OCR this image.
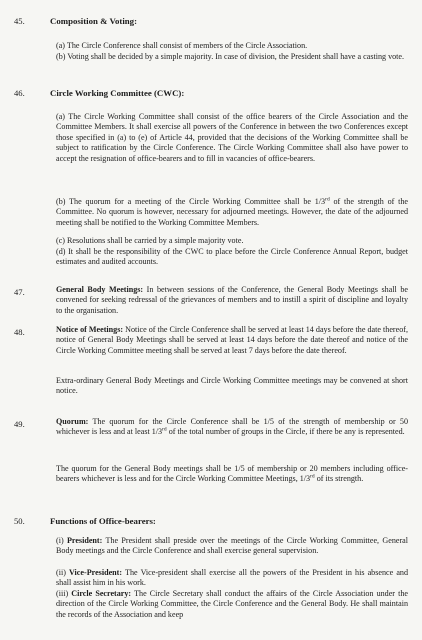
45.	Composition & Voting:
(a) The Circle Conference shall consist of members of the Circle Association.
(b) Voting shall be decided by a simple majority. In case of division, the President shall have a casting vote.
46.	Circle Working Committee (CWC):
(a) The Circle Working Committee shall consist of the office bearers of the Circle Association and the Committee Members. It shall exercise all powers of the Conference in between the two Conferences except those specified in (a) to (e) of Article 44, provided that the decisions of the Working Committee shall be subject to ratification by the Circle Conference. The Circle Working Committee shall also have power to accept the resignation of office-bearers and to fill in vacancies of office-bearers.
(b) The quorum for a meeting of the Circle Working Committee shall be 1/3rd of the strength of the Committee. No quorum is however, necessary for adjourned meetings. However, the date of the adjourned meeting shall be notified to the Working Committee Members.
(c) Resolutions shall be carried by a simple majority vote.
(d) It shall be the responsibility of the CWC to place before the Circle Conference Annual Report, budget estimates and audited accounts.
47.	General Body Meetings: In between sessions of the Conference, the General Body Meetings shall be convened for seeking redressal of the grievances of members and to instill a spirit of discipline and loyalty to the organisation.
48.	Notice of Meetings: Notice of the Circle Conference shall be served at least 14 days before the date thereof, notice of General Body Meetings shall be served at least 14 days before the date thereof and notice of the Circle Working Committee meeting shall be served at least 7 days before the date thereof.
Extra-ordinary General Body Meetings and Circle Working Committee meetings may be convened at short notice.
49.	Quorum: The quorum for the Circle Conference shall be 1/5 of the strength of membership or 50 whichever is less and at least 1/3rd of the total number of groups in the Circle, if there be any is represented.
The quorum for the General Body meetings shall be 1/5 of membership or 20 members including office-bearers whichever is less and for the Circle Working Committee Meetings, 1/3rd of its strength.
50.	Functions of Office-bearers:
(i) President: The President shall preside over the meetings of the Circle Working Committee, General Body meetings and the Circle Conference and shall exercise general supervision.
(ii) Vice-President: The Vice-president shall exercise all the powers of the President in his absence and shall assist him in his work.
(iii) Circle Secretary: The Circle Secretary shall conduct the affairs of the Circle Association under the direction of the Circle Working Committee, the Circle Conference and the General Body. He shall maintain the records of the Association and keep
